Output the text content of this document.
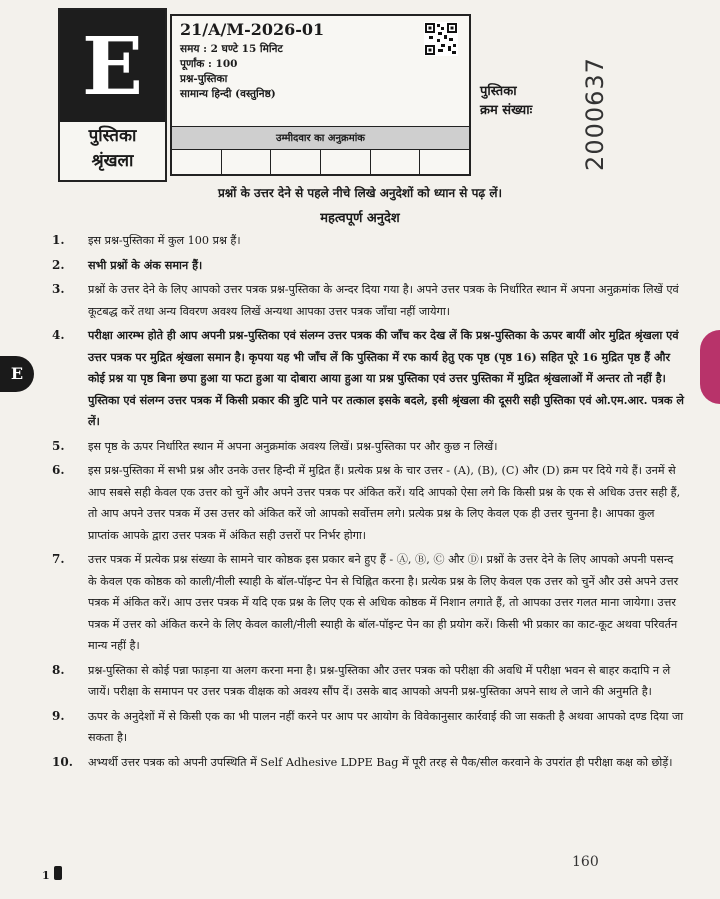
E
पुस्तिका
श्रृंखला
21/A/M-2026-01
समय : 2 घण्टे 15 मिनिट
पूर्णांक : 100
प्रश्न-पुस्तिका
सामान्य हिन्दी (वस्तुनिष्ठ)
उम्मीदवार का अनुक्रमांक
पुस्तिका
क्रम संख्याः 2000637
प्रश्नों के उत्तर देने से पहले नीचे लिखे अनुदेशों को ध्यान से पढ़ लें।
महत्वपूर्ण अनुदेश
E
1. इस प्रश्न-पुस्तिका में कुल 100 प्रश्न हैं।
2. सभी प्रश्नों के अंक समान हैं।
3. प्रश्नों के उत्तर देने के लिए आपको उत्तर पत्रक प्रश्न-पुस्तिका के अन्दर दिया गया है। अपने उत्तर पत्रक के निर्धारित स्थान में अपना अनुक्रमांक लिखें एवं कूटबद्ध करें तथा अन्य विवरण अवश्य लिखें अन्यथा आपका उत्तर पत्रक जाँचा नहीं जायेगा।
4. परीक्षा आरम्भ होते ही आप अपनी प्रश्न-पुस्तिका एवं संलग्न उत्तर पत्रक की जाँच कर देख लें कि प्रश्न-पुस्तिका के ऊपर बायीं ओर मुद्रित श्रृंखला एवं उत्तर पत्रक पर मुद्रित श्रृंखला समान है। कृपया यह भी जाँच लें कि पुस्तिका में रफ कार्य हेतु एक पृष्ठ (पृष्ठ 16) सहित पूरे 16 मुद्रित पृष्ठ हैं और कोई प्रश्न या पृष्ठ बिना छपा हुआ या फटा हुआ या दोबारा आया हुआ या प्रश्न पुस्तिका एवं उत्तर पुस्तिका में मुद्रित श्रृंखलाओं में अन्तर तो नहीं है। पुस्तिका एवं संलग्न उत्तर पत्रक में किसी प्रकार की त्रुटि पाने पर तत्काल इसके बदले, इसी श्रृंखला की दूसरी सही पुस्तिका एवं ओ.एम.आर. पत्रक ले लें।
5. इस पृष्ठ के ऊपर निर्धारित स्थान में अपना अनुक्रमांक अवश्य लिखें। प्रश्न-पुस्तिका पर और कुछ न लिखें।
6. इस प्रश्न-पुस्तिका में सभी प्रश्न और उनके उत्तर हिन्दी में मुद्रित हैं। प्रत्येक प्रश्न के चार उत्तर - (A), (B), (C) और (D) क्रम पर दिये गये हैं। उनमें से आप सबसे सही केवल एक उत्तर को चुनें और अपने उत्तर पत्रक पर अंकित करें। यदि आपको ऐसा लगे कि किसी प्रश्न के एक से अधिक उत्तर सही हैं, तो आप अपने उत्तर पत्रक में उस उत्तर को अंकित करें जो आपको सर्वोत्तम लगे। प्रत्येक प्रश्न के लिए केवल एक ही उत्तर चुनना है। आपका कुल प्राप्तांक आपके द्वारा उत्तर पत्रक में अंकित सही उत्तरों पर निर्भर होगा।
7. उत्तर पत्रक में प्रत्येक प्रश्न संख्या के सामने चार कोष्ठक इस प्रकार बने हुए हैं - Ⓐ, Ⓑ, Ⓒ और Ⓓ। प्रश्नों के उत्तर देने के लिए आपको अपनी पसन्द के केवल एक कोष्ठक को काली/नीली स्याही के बॉल-पॉइन्ट पेन से चिह्नित करना है। प्रत्येक प्रश्न के लिए केवल एक उत्तर को चुनें और उसे अपने उत्तर पत्रक में अंकित करें। आप उत्तर पत्रक में यदि एक प्रश्न के लिए एक से अधिक कोष्ठक में निशान लगाते हैं, तो आपका उत्तर गलत माना जायेगा। उत्तर पत्रक में उत्तर को अंकित करने के लिए केवल काली/नीली स्याही के बॉल-पॉइन्ट पेन का ही प्रयोग करें। किसी भी प्रकार का काट-कूट अथवा परिवर्तन मान्य नहीं है।
8. प्रश्न-पुस्तिका से कोई पन्ना फाड़ना या अलग करना मना है। प्रश्न-पुस्तिका और उत्तर पत्रक को परीक्षा की अवधि में परीक्षा भवन से बाहर कदापि न ले जायें। परीक्षा के समापन पर उत्तर पत्रक वीक्षक को अवश्य सौंप दें। उसके बाद आपको अपनी प्रश्न-पुस्तिका अपने साथ ले जाने की अनुमति है।
9. ऊपर के अनुदेशों में से किसी एक का भी पालन नहीं करने पर आप पर आयोग के विवेकानुसार कार्रवाई की जा सकती है अथवा आपको दण्ड दिया जा सकता है।
10. अभ्यर्थी उत्तर पत्रक को अपनी उपस्थिति में Self Adhesive LDPE Bag में पूरी तरह से पैक/सील करवाने के उपरांत ही परीक्षा कक्ष को छोड़ें।
160
1
